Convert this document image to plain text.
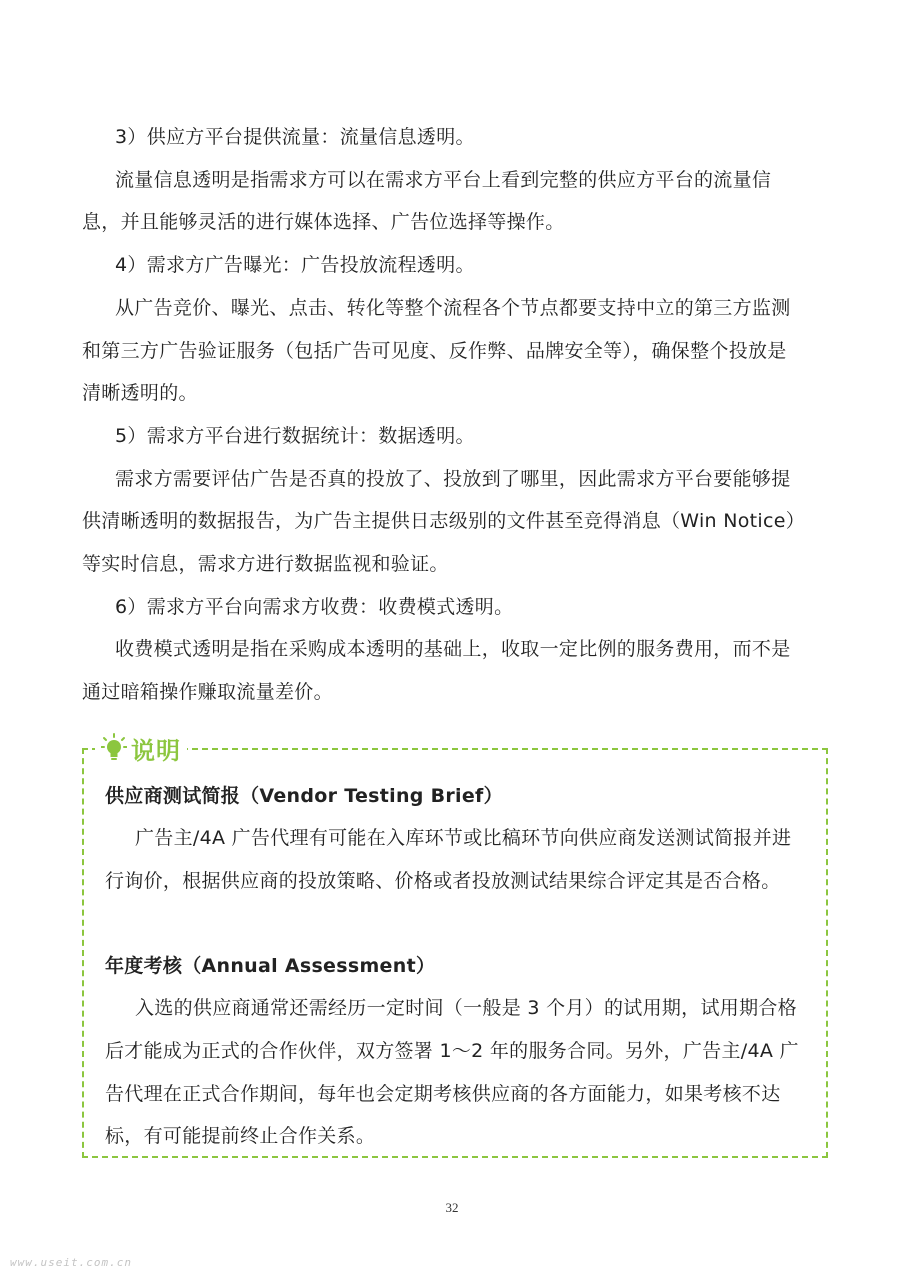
3）供应方平台提供流量：流量信息透明。
流量信息透明是指需求方可以在需求方平台上看到完整的供应方平台的流量信
息，并且能够灵活的进行媒体选择、广告位选择等操作。
4）需求方广告曝光：广告投放流程透明。
从广告竞价、曝光、点击、转化等整个流程各个节点都要支持中立的第三方监测
和第三方广告验证服务（包括广告可见度、反作弊、品牌安全等），确保整个投放是
清晰透明的。
5）需求方平台进行数据统计：数据透明。
需求方需要评估广告是否真的投放了、投放到了哪里，因此需求方平台要能够提
供清晰透明的数据报告，为广告主提供日志级别的文件甚至竞得消息（Win Notice）
等实时信息，需求方进行数据监视和验证。
6）需求方平台向需求方收费：收费模式透明。
收费模式透明是指在采购成本透明的基础上，收取一定比例的服务费用，而不是
通过暗箱操作赚取流量差价。
说明
供应商测试简报（Vendor Testing Brief）
广告主/4A 广告代理有可能在入库环节或比稿环节向供应商发送测试简报并进
行询价，根据供应商的投放策略、价格或者投放测试结果综合评定其是否合格。
年度考核（Annual Assessment）
入选的供应商通常还需经历一定时间（一般是 3 个月）的试用期，试用期合格
后才能成为正式的合作伙伴，双方签署 1～2 年的服务合同。另外，广告主/4A 广
告代理在正式合作期间，每年也会定期考核供应商的各方面能力，如果考核不达
标，有可能提前终止合作关系。
32
www.useit.com.cn
